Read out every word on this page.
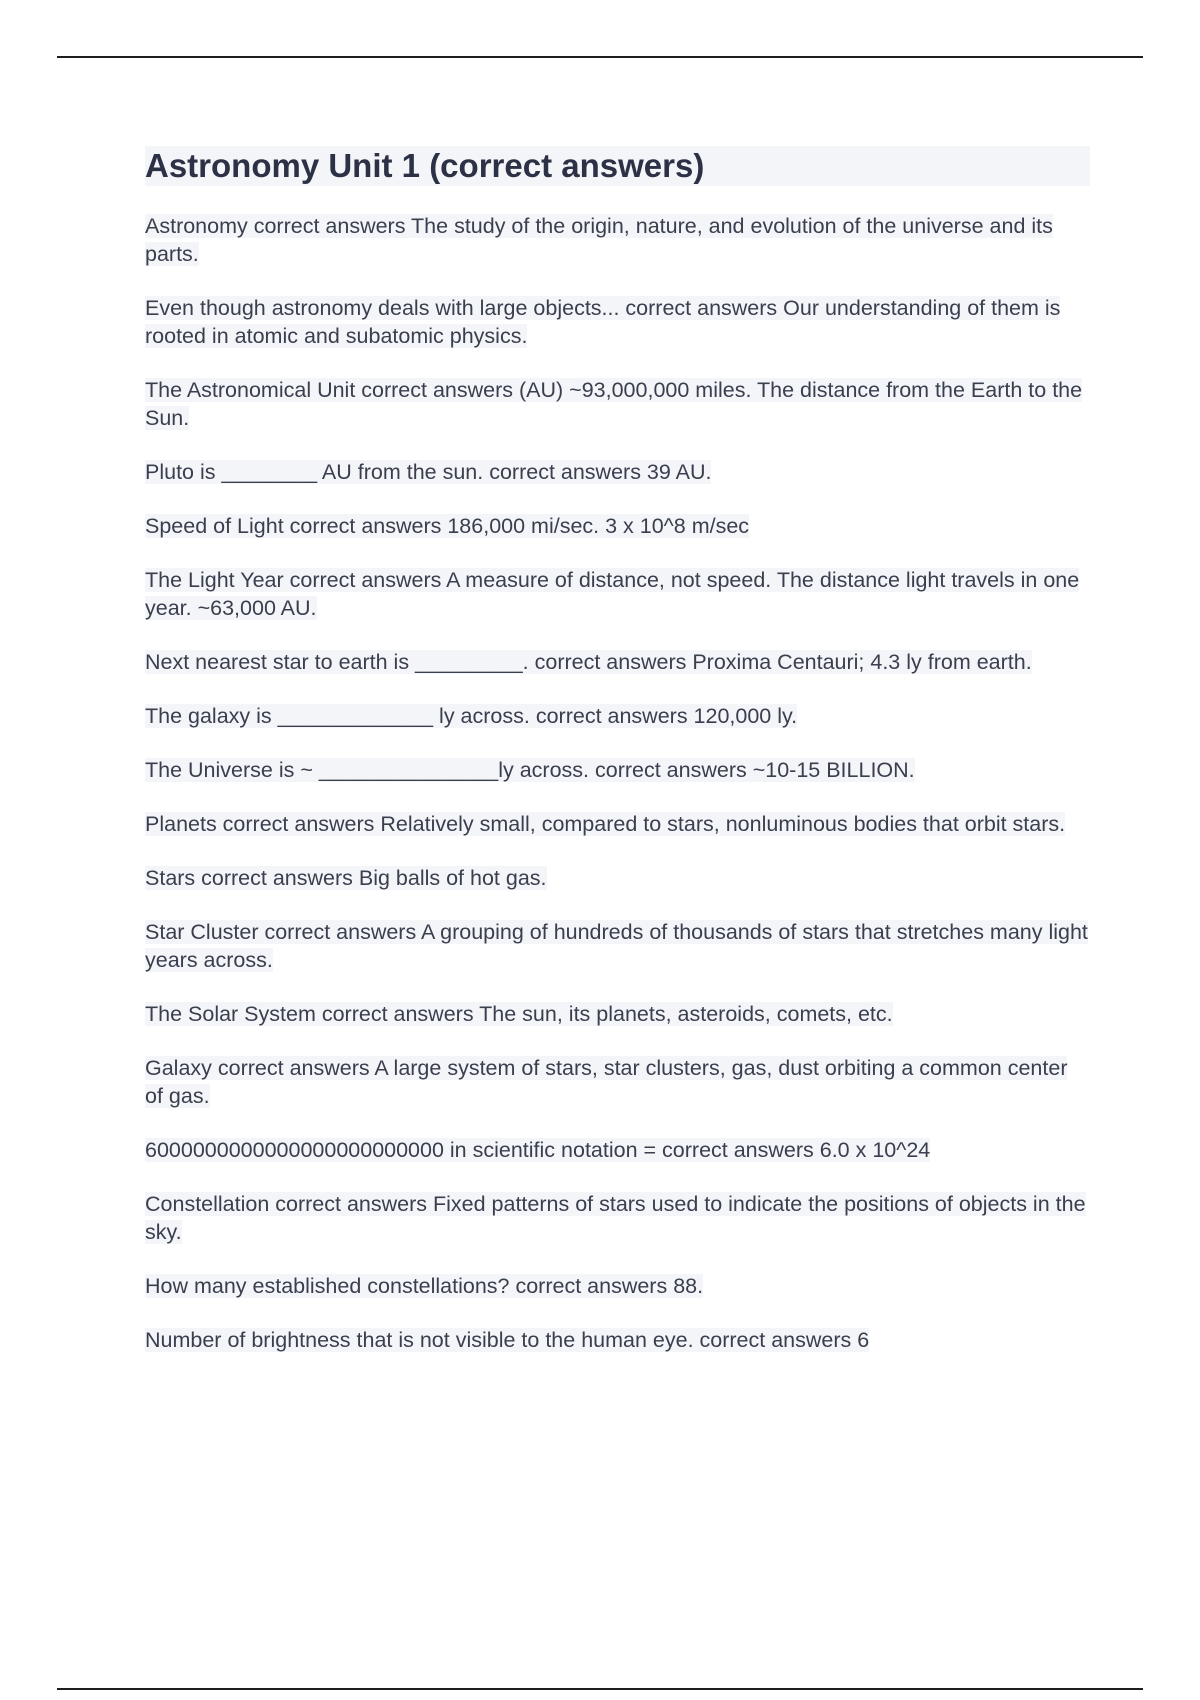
Astronomy Unit 1 (correct answers)
Astronomy correct answers The study of the origin, nature, and evolution of the universe and its parts.
Even though astronomy deals with large objects... correct answers Our understanding of them is rooted in atomic and subatomic physics.
The Astronomical Unit correct answers (AU) ~93,000,000 miles. The distance from the Earth to the Sun.
Pluto is ________ AU from the sun. correct answers 39 AU.
Speed of Light correct answers 186,000 mi/sec. 3 x 10^8 m/sec
The Light Year correct answers A measure of distance, not speed. The distance light travels in one year. ~63,000 AU.
Next nearest star to earth is _________. correct answers Proxima Centauri; 4.3 ly from earth.
The galaxy is _____________ ly across. correct answers 120,000 ly.
The Universe is ~ _______________ly across. correct answers ~10-15 BILLION.
Planets correct answers Relatively small, compared to stars, nonluminous bodies that orbit stars.
Stars correct answers Big balls of hot gas.
Star Cluster correct answers A grouping of hundreds of thousands of stars that stretches many light years across.
The Solar System correct answers The sun, its planets, asteroids, comets, etc.
Galaxy correct answers A large system of stars, star clusters, gas, dust orbiting a common center of gas.
6000000000000000000000000 in scientific notation = correct answers 6.0 x 10^24
Constellation correct answers Fixed patterns of stars used to indicate the positions of objects in the sky.
How many established constellations? correct answers 88.
Number of brightness that is not visible to the human eye. correct answers 6
